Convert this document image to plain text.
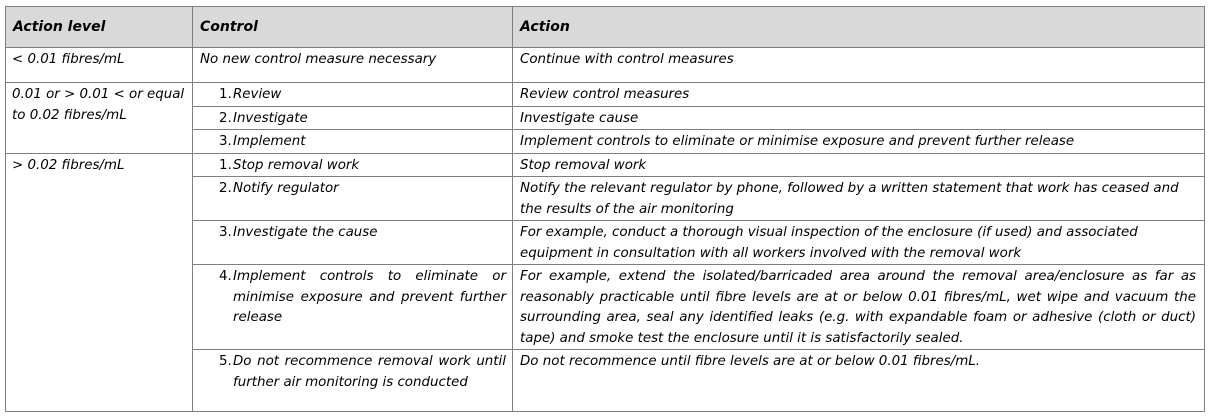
Action level	Control	Action
< 0.01 fibres/mL	No new control measure necessary	Continue with control measures
0.01 or > 0.01 < or equal to 0.02 fibres/mL	1. Review	Review control measures

	2. Investigate	Investigate cause

	3. Implement	Implement controls to eliminate or minimise exposure and prevent further release
> 0.02 fibres/mL	1. Stop removal work	Stop removal work

	2. Notify regulator	Notify the relevant regulator by phone, followed by a written statement that work has ceased and the results of the air monitoring

	3. Investigate the cause	For example, conduct a thorough visual inspection of the enclosure (if used) and associated equipment in consultation with all workers involved with the removal work

	4. Implement controls to eliminate or minimise exposure and prevent further release	For example, extend the isolated/barricaded area around the removal area/enclosure as far as reasonably practicable until fibre levels are at or below 0.01 fibres/mL, wet wipe and vacuum the surrounding area, seal any identified leaks (e.g. with expandable foam or adhesive (cloth or duct) tape) and smoke test the enclosure until it is satisfactorily sealed.

	5. Do not recommence removal work until further air monitoring is conducted	Do not recommence until fibre levels are at or below 0.01 fibres/mL.
